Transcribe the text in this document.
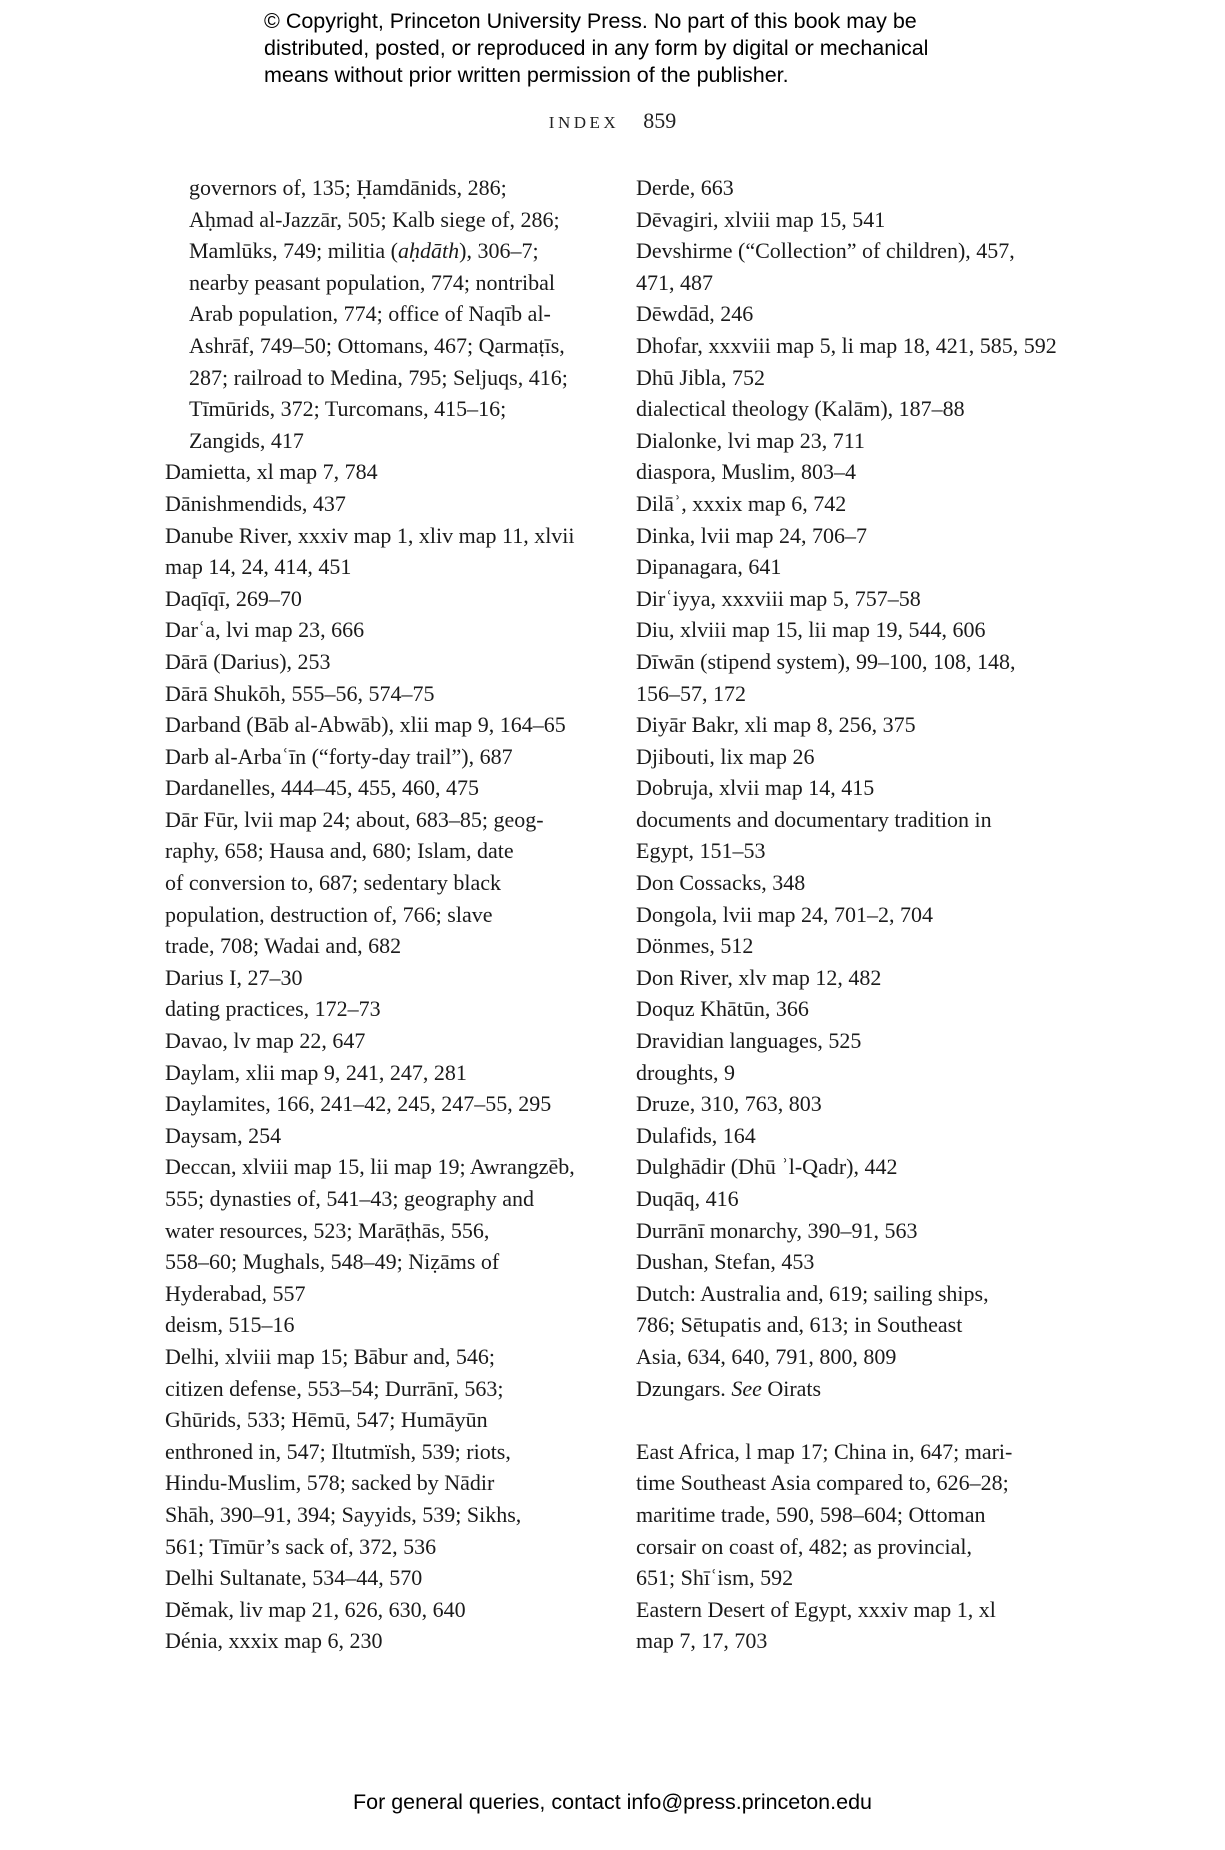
© Copyright, Princeton University Press. No part of this book may be
distributed, posted, or reproduced in any form by digital or mechanical
means without prior written permission of the publisher.
INDEX 859
governors of, 135; Ḥamdānids, 286;
Aḥmad al-Jazzār, 505; Kalb siege of, 286;
Mamlūks, 749; militia (aḥdāth), 306–7;
nearby peasant population, 774; nontribal
Arab population, 774; office of Naqīb al-
Ashrāf, 749–50; Ottomans, 467; Qarmaṭīs,
287; railroad to Medina, 795; Seljuqs, 416;
Tīmūrids, 372; Turcomans, 415–16;
Zangids, 417
Damietta, xl map 7, 784
Dānishmendids, 437
Danube River, xxxiv map 1, xliv map 11, xlvii
map 14, 24, 414, 451
Daqīqī, 269–70
Darʿa, lvi map 23, 666
Dārā (Darius), 253
Dārā Shukōh, 555–56, 574–75
Darband (Bāb al-Abwāb), xlii map 9, 164–65
Darb al-Arbaʿīn (“forty-day trail”), 687
Dardanelles, 444–45, 455, 460, 475
Dār Fūr, lvii map 24; about, 683–85; geog-
raphy, 658; Hausa and, 680; Islam, date
of conversion to, 687; sedentary black
population, destruction of, 766; slave
trade, 708; Wadai and, 682
Darius I, 27–30
dating practices, 172–73
Davao, lv map 22, 647
Daylam, xlii map 9, 241, 247, 281
Daylamites, 166, 241–42, 245, 247–55, 295
Daysam, 254
Deccan, xlviii map 15, lii map 19; Awrangzēb,
555; dynasties of, 541–43; geography and
water resources, 523; Marāṭhās, 556,
558–60; Mughals, 548–49; Niẓāms of
Hyderabad, 557
deism, 515–16
Delhi, xlviii map 15; Bābur and, 546;
citizen defense, 553–54; Durrānī, 563;
Ghūrids, 533; Hēmū, 547; Humāyūn
enthroned in, 547; Iltutmïsh, 539; riots,
Hindu-Muslim, 578; sacked by Nādir
Shāh, 390–91, 394; Sayyids, 539; Sikhs,
561; Tīmūr’s sack of, 372, 536
Delhi Sultanate, 534–44, 570
Dĕmak, liv map 21, 626, 630, 640
Dénia, xxxix map 6, 230
Derde, 663
Dēvagiri, xlviii map 15, 541
Devshirme (“Collection” of children), 457,
471, 487
Dēwdād, 246
Dhofar, xxxviii map 5, li map 18, 421, 585, 592
Dhū Jibla, 752
dialectical theology (Kalām), 187–88
Dialonke, lvi map 23, 711
diaspora, Muslim, 803–4
Dilāʾ, xxxix map 6, 742
Dinka, lvii map 24, 706–7
Dipanagara, 641
Dirʿiyya, xxxviii map 5, 757–58
Diu, xlviii map 15, lii map 19, 544, 606
Dīwān (stipend system), 99–100, 108, 148,
156–57, 172
Diyār Bakr, xli map 8, 256, 375
Djibouti, lix map 26
Dobruja, xlvii map 14, 415
documents and documentary tradition in
Egypt, 151–53
Don Cossacks, 348
Dongola, lvii map 24, 701–2, 704
Dönmes, 512
Don River, xlv map 12, 482
Doquz Khātūn, 366
Dravidian languages, 525
droughts, 9
Druze, 310, 763, 803
Dulafids, 164
Dulghādir (Dhū ʾl-Qadr), 442
Duqāq, 416
Durrānī monarchy, 390–91, 563
Dushan, Stefan, 453
Dutch: Australia and, 619; sailing ships,
786; Sētupatis and, 613; in Southeast
Asia, 634, 640, 791, 800, 809
Dzungars. See Oirats
East Africa, l map 17; China in, 647; mari-
time Southeast Asia compared to, 626–28;
maritime trade, 590, 598–604; Ottoman
corsair on coast of, 482; as provincial,
651; Shīʿism, 592
Eastern Desert of Egypt, xxxiv map 1, xl
map 7, 17, 703
For general queries, contact info@press.princeton.edu
